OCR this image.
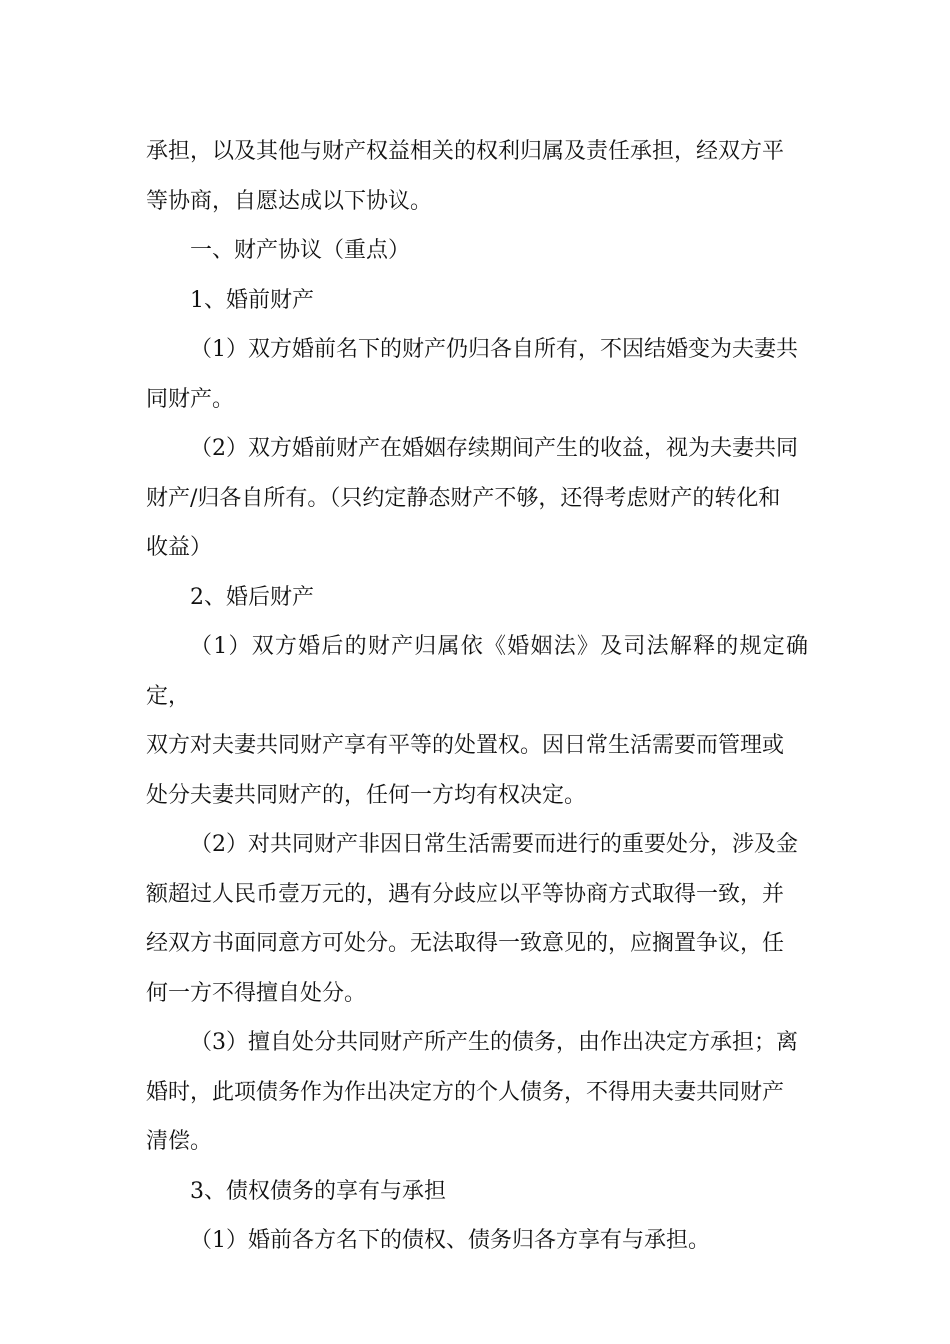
承担，以及其他与财产权益相关的权利归属及责任承担，经双方平
等协商，自愿达成以下协议。

一、财产协议（重点）

1、婚前财产

（1）双方婚前名下的财产仍归各自所有，不因结婚变为夫妻共
同财产。

（2）双方婚前财产在婚姻存续期间产生的收益，视为夫妻共同
财产/归各自所有。（只约定静态财产不够，还得考虑财产的转化和
收益）

2、婚后财产

（1）双方婚后的财产归属依《婚姻法》及司法解释的规定确定，
双方对夫妻共同财产享有平等的处置权。因日常生活需要而管理或
处分夫妻共同财产的，任何一方均有权决定。

（2）对共同财产非因日常生活需要而进行的重要处分，涉及金
额超过人民币壹万元的，遇有分歧应以平等协商方式取得一致，并
经双方书面同意方可处分。无法取得一致意见的，应搁置争议，任
何一方不得擅自处分。

（3）擅自处分共同财产所产生的债务，由作出决定方承担；离
婚时，此项债务作为作出决定方的个人债务，不得用夫妻共同财产
清偿。

3、债权债务的享有与承担

（1）婚前各方名下的债权、债务归各方享有与承担。
